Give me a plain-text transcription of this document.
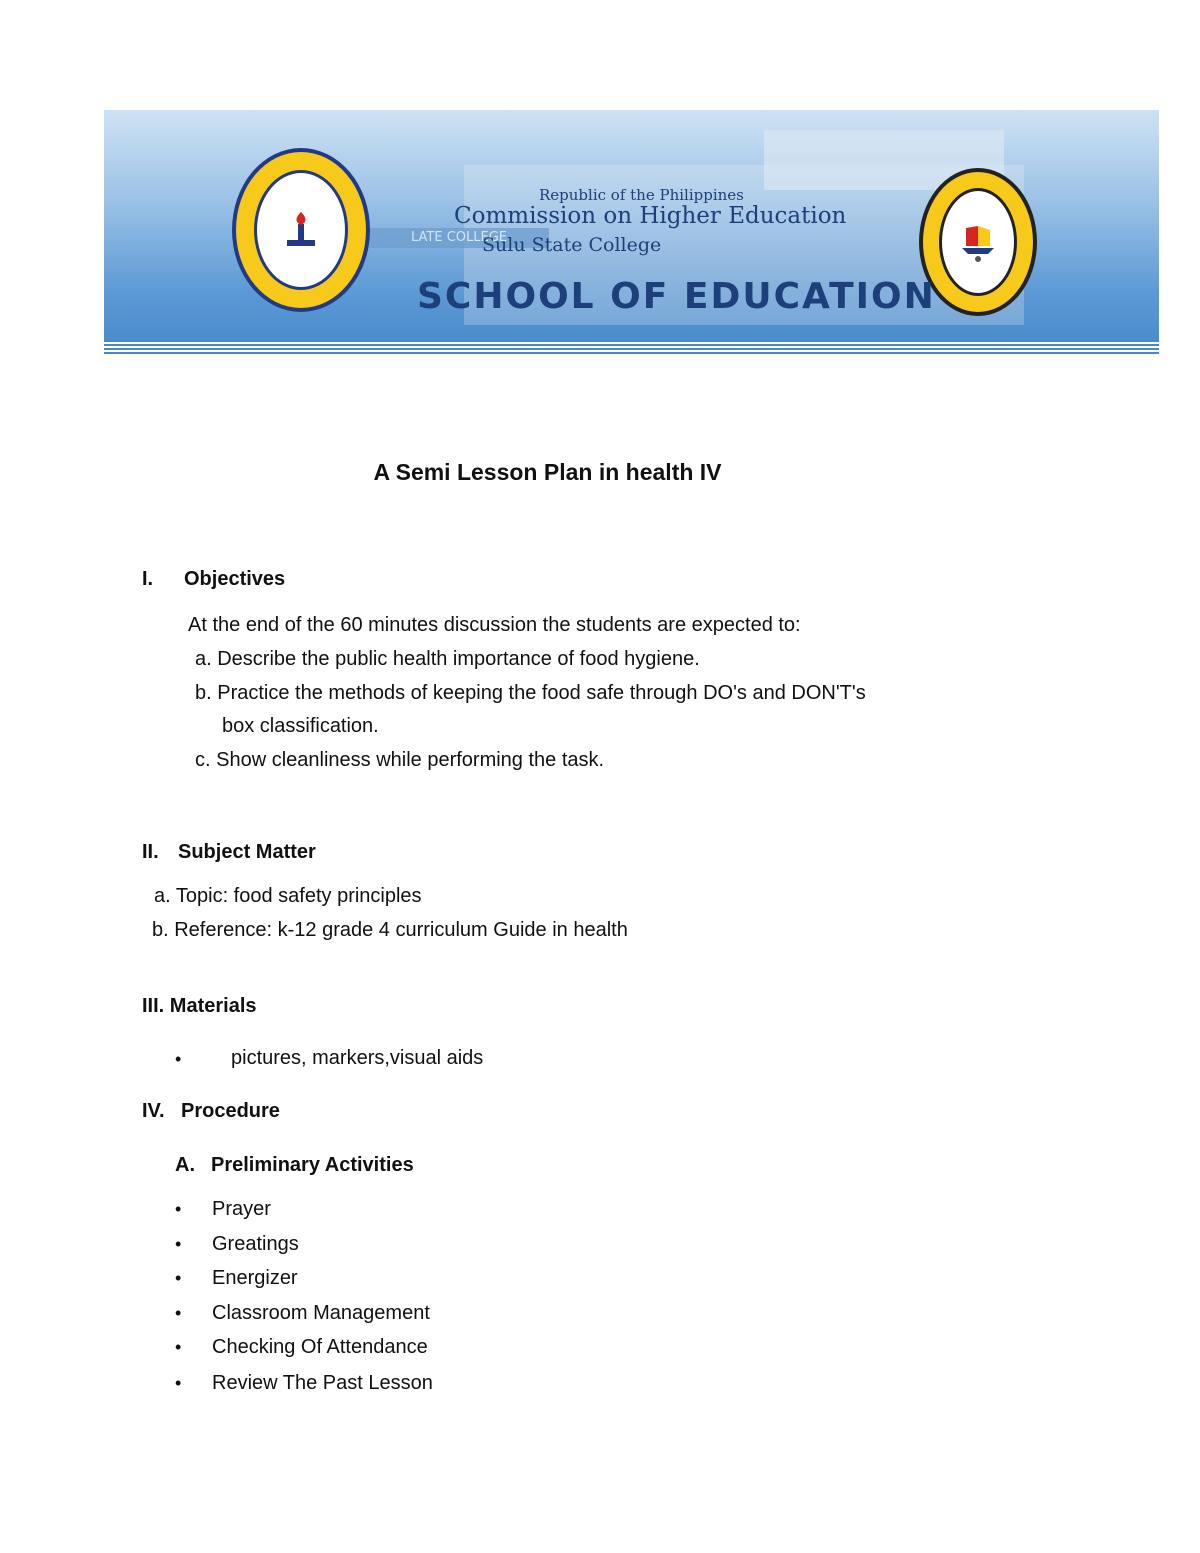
LATE COLLEGE
Republic of the Philippines
Commission on Higher Education
Sulu State College
SCHOOL OF EDUCATION
A Semi Lesson Plan in health IV
I. Objectives
At the end of the 60 minutes discussion the students are expected to:
a. Describe the public health importance of food hygiene.
b. Practice the methods of keeping the food safe through DO's and DON'T's
box classification.
c. Show cleanliness while performing the task.
II. Subject Matter
a. Topic: food safety principles
b. Reference: k-12 grade 4 curriculum Guide in health
III. Materials
• pictures, markers,visual aids
IV. Procedure
A. Preliminary Activities
• Prayer
• Greatings
• Energizer
• Classroom Management
• Checking Of Attendance
• Review The Past Lesson
